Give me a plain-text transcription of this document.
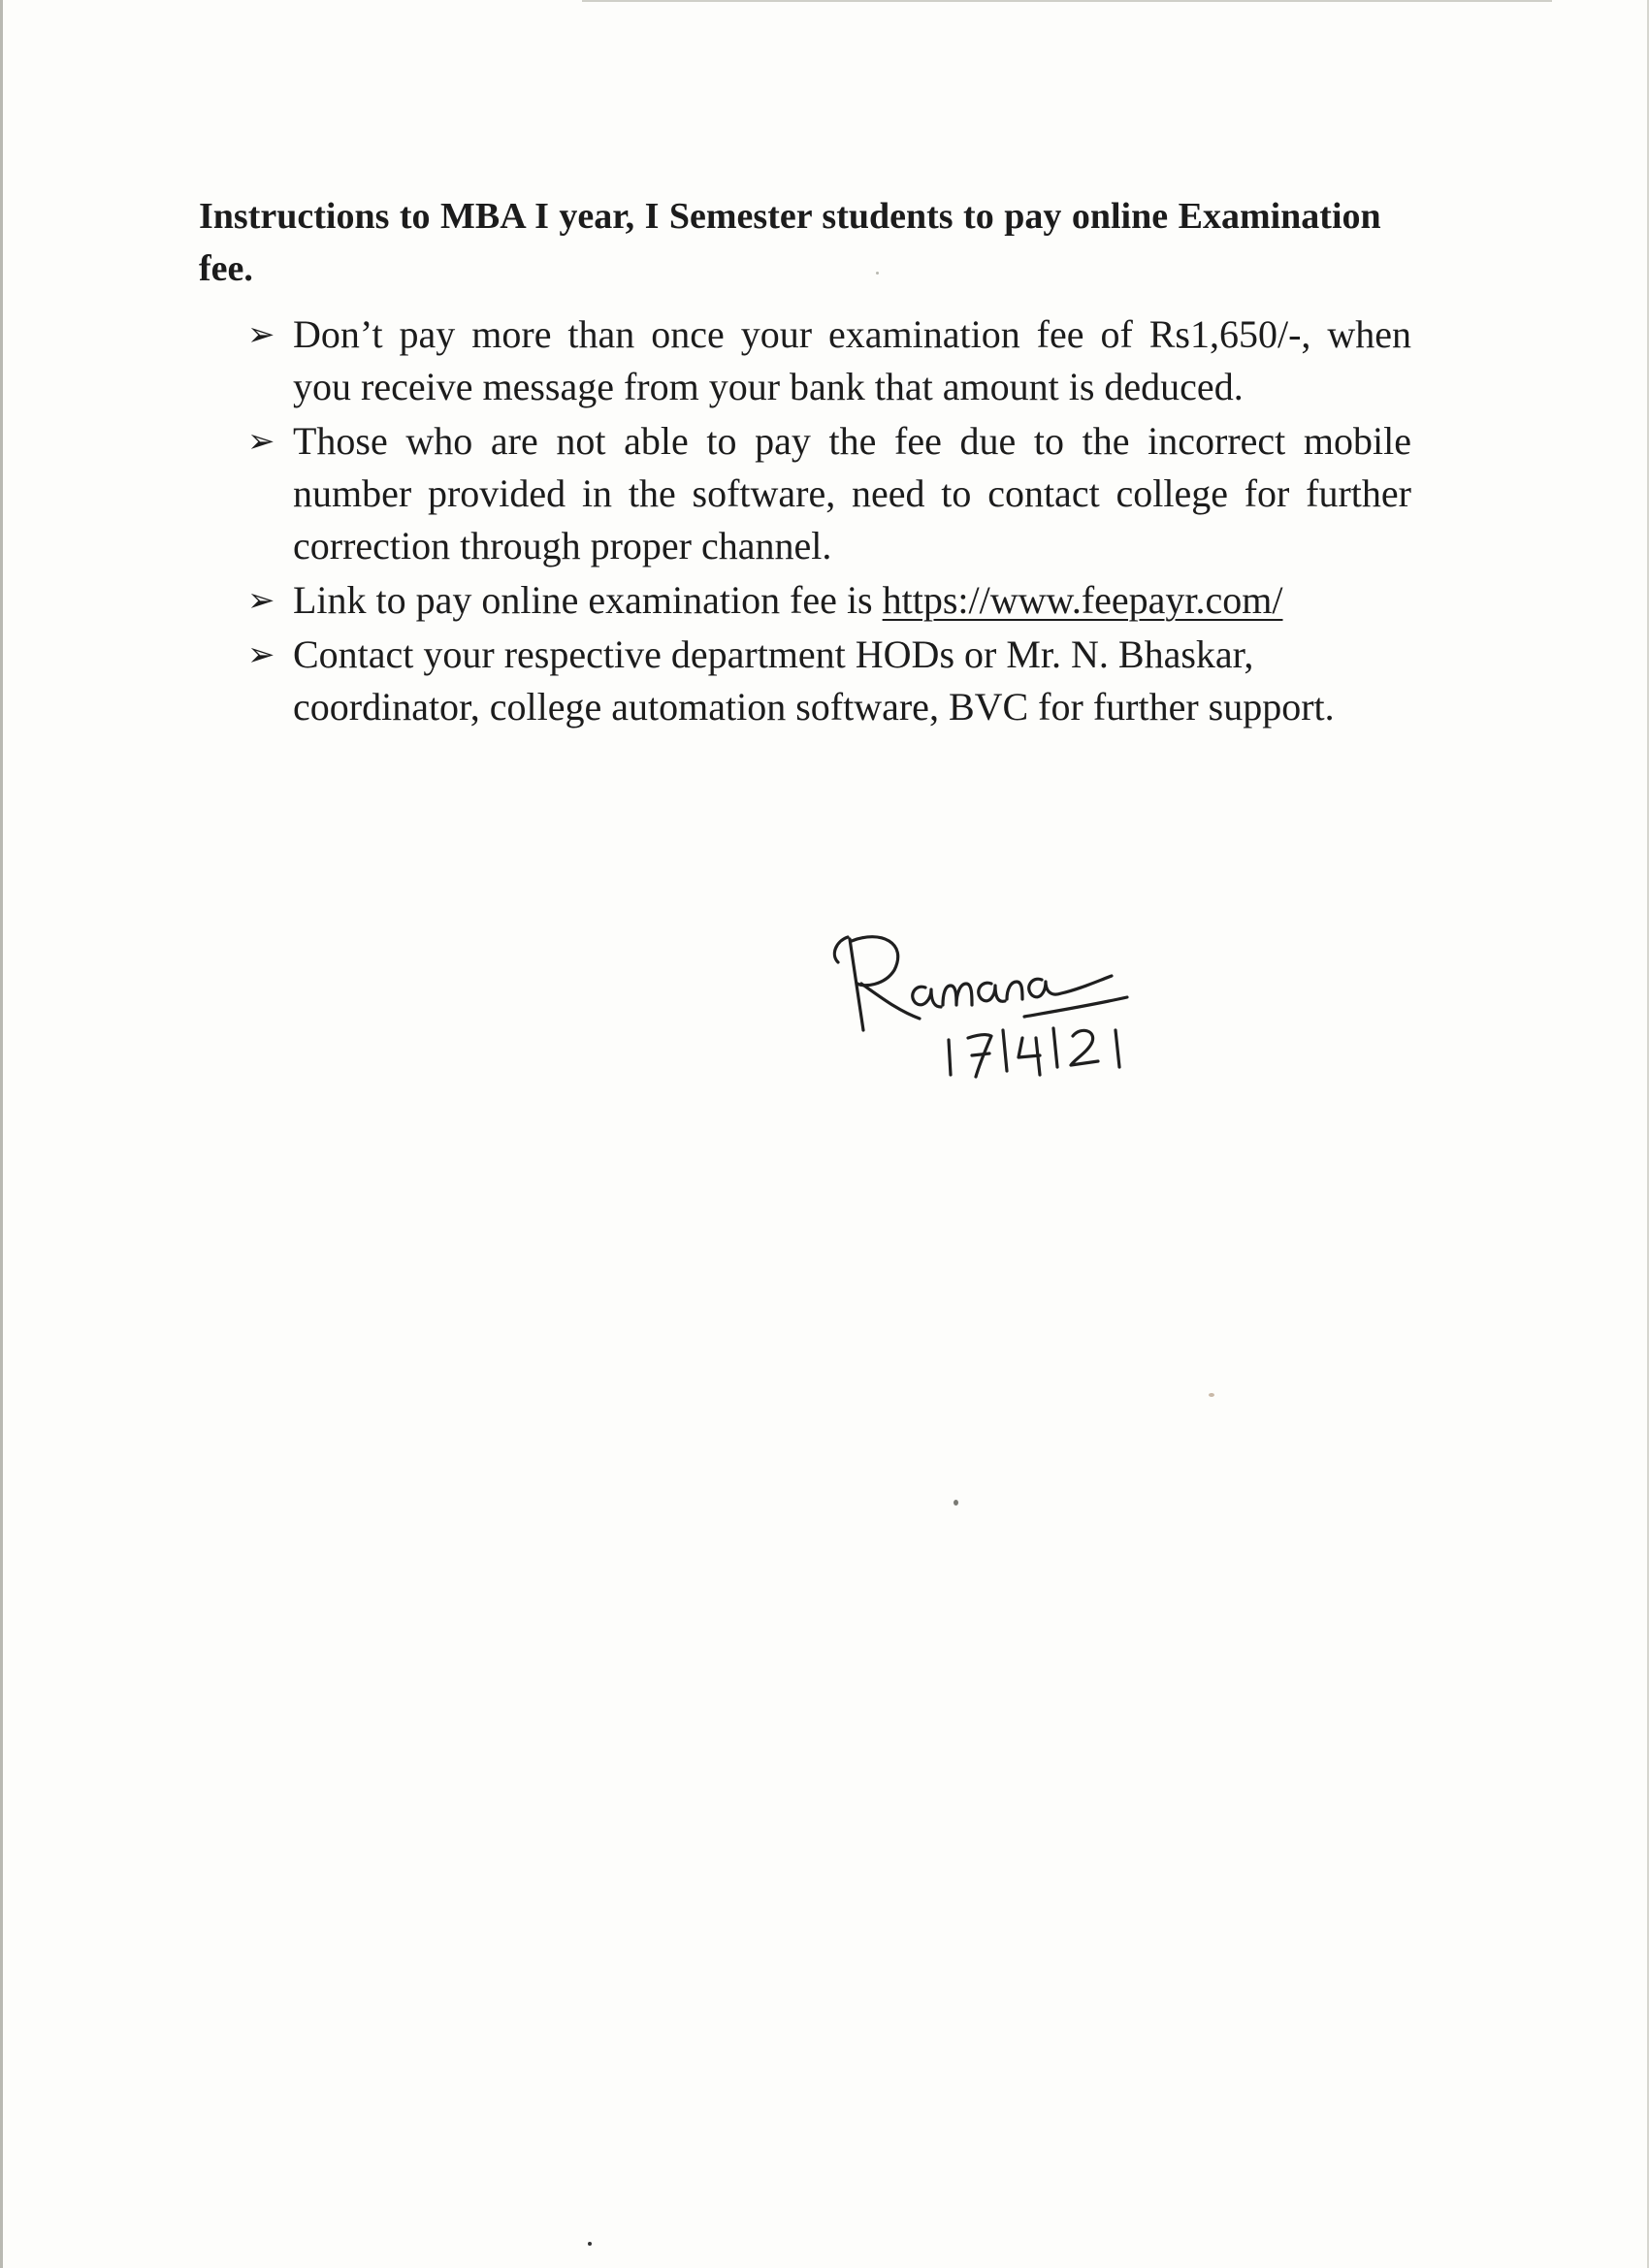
Instructions to MBA I year, I Semester students to pay online Examination fee.

➢ Don’t pay more than once your examination fee of Rs1,650/-, when you receive message from your bank that amount is deduced.
➢ Those who are not able to pay the fee due to the incorrect mobile number provided in the software, need to contact college for further correction through proper channel.
➢ Link to pay online examination fee is https://www.feepayr.com/
➢ Contact your respective department HODs or Mr. N. Bhaskar, coordinator, college automation software, BVC for further support.
